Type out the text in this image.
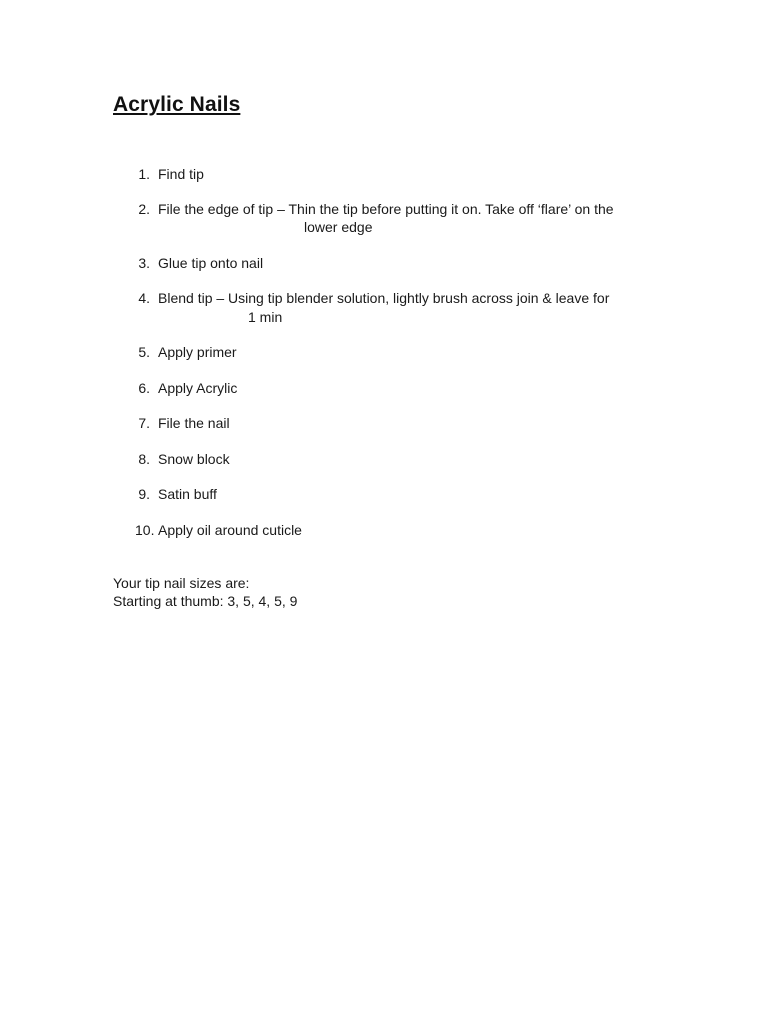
Acrylic Nails
1. Find tip
2. File the edge of tip – Thin the tip before putting it on. Take off ‘flare’ on the
lower edge
3. Glue tip onto nail
4. Blend tip – Using tip blender solution, lightly brush across join & leave for
1 min
5. Apply primer
6. Apply Acrylic
7. File the nail
8. Snow block
9. Satin buff
10. Apply oil around cuticle
Your tip nail sizes are:
Starting at thumb: 3, 5, 4, 5, 9
